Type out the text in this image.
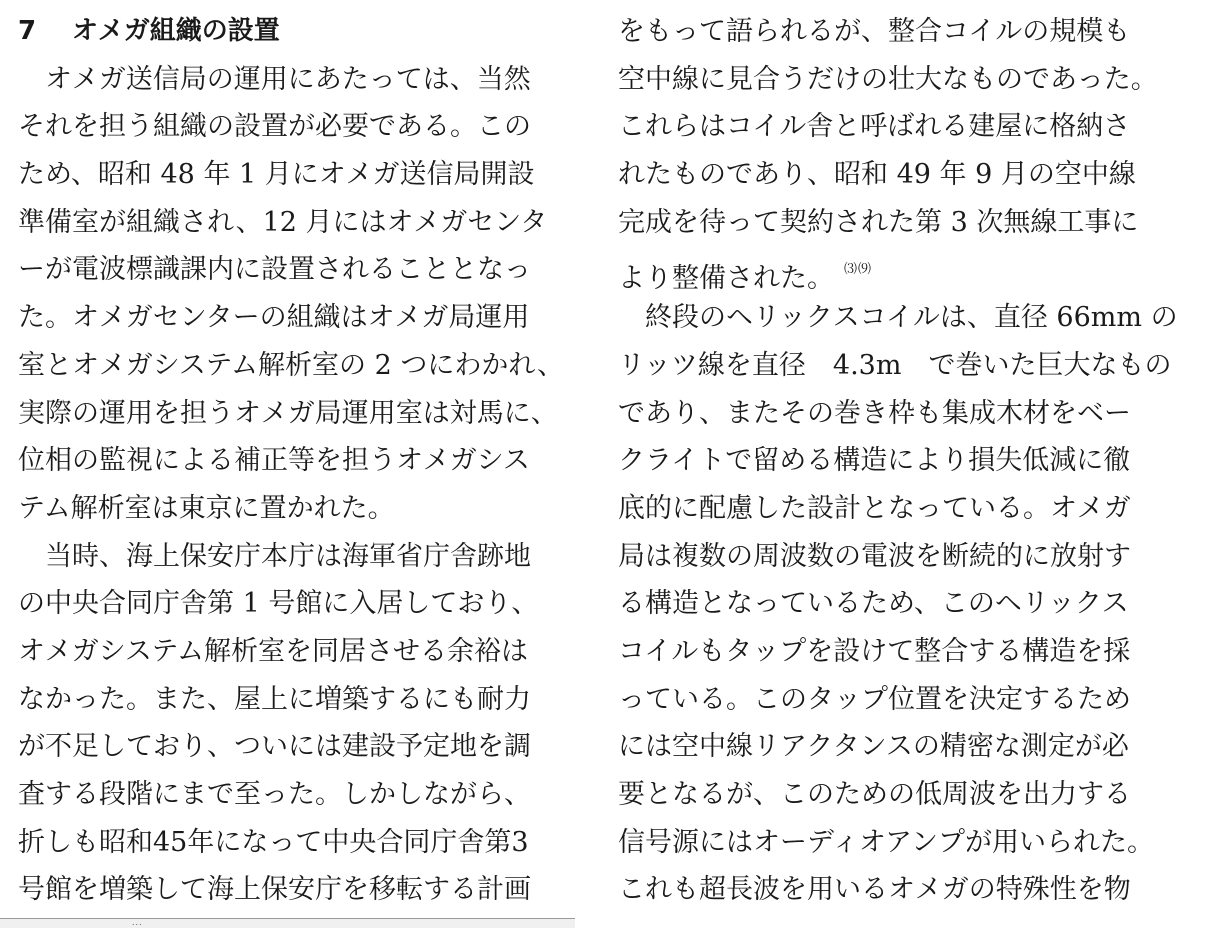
7 オメガ組織の設置
　オメガ送信局の運用にあたっては、当然
それを担う組織の設置が必要である。この
ため、昭和 48 年 1 月にオメガ送信局開設
準備室が組織され、12 月にはオメガセンタ
ーが電波標識課内に設置されることとなっ
た。オメガセンターの組織はオメガ局運用
室とオメガシステム解析室の 2 つにわかれ、
実際の運用を担うオメガ局運用室は対馬に、
位相の監視による補正等を担うオメガシス
テム解析室は東京に置かれた。
　当時、海上保安庁本庁は海軍省庁舎跡地
の中央合同庁舎第 1 号館に入居しており、
オメガシステム解析室を同居させる余裕は
なかった。また、屋上に増築するにも耐力
が不足しており、ついには建設予定地を調
査する段階にまで至った。しかしながら、
折しも昭和45年になって中央合同庁舎第3
号館を増築して海上保安庁を移転する計画
をもって語られるが、整合コイルの規模も
空中線に見合うだけの壮大なものであった。
これらはコイル舎と呼ばれる建屋に格納さ
れたものであり、昭和 49 年 9 月の空中線
完成を待って契約された第 3 次無線工事に
より整備された。 ⑶⑼
　終段のヘリックスコイルは、直径 66mm の
リッツ線を直径　4.3m　で巻いた巨大なもの
であり、またその巻き枠も集成木材をベー
クライトで留める構造により損失低減に徹
底的に配慮した設計となっている。オメガ
局は複数の周波数の電波を断続的に放射す
る構造となっているため、このヘリックス
コイルもタップを設けて整合する構造を採
っている。このタップ位置を決定するため
には空中線リアクタンスの精密な測定が必
要となるが、このための低周波を出力する
信号源にはオーディオアンプが用いられた。
これも超長波を用いるオメガの特殊性を物
...
